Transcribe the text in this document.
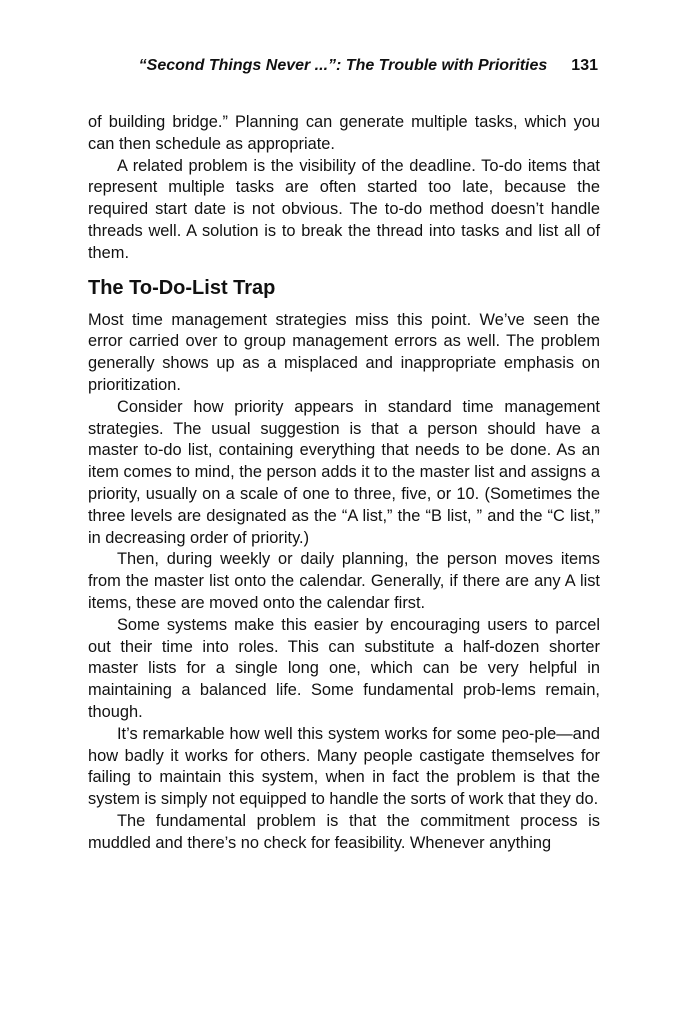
“Second Things Never ...”: The Trouble with Priorities 131

of building bridge.” Planning can generate multiple tasks, which you can then schedule as appropriate.

A related problem is the visibility of the deadline. To-do items that represent multiple tasks are often started too late, because the required start date is not obvious. The to-do method doesn’t handle threads well. A solution is to break the thread into tasks and list all of them.

The To-Do-List Trap

Most time management strategies miss this point. We’ve seen the error carried over to group management errors as well. The problem generally shows up as a misplaced and inappropriate emphasis on prioritization.

Consider how priority appears in standard time management strategies. The usual suggestion is that a person should have a master to-do list, containing everything that needs to be done. As an item comes to mind, the person adds it to the master list and assigns a priority, usually on a scale of one to three, five, or 10. (Sometimes the three levels are designated as the “A list,” the “B list, ” and the “C list,” in decreasing order of priority.)

Then, during weekly or daily planning, the person moves items from the master list onto the calendar. Generally, if there are any A list items, these are moved onto the calendar first.

Some systems make this easier by encouraging users to parcel out their time into roles. This can substitute a half-dozen shorter master lists for a single long one, which can be very helpful in maintaining a balanced life. Some fundamental prob-lems remain, though.

It’s remarkable how well this system works for some peo-ple—and how badly it works for others. Many people castigate themselves for failing to maintain this system, when in fact the problem is that the system is simply not equipped to handle the sorts of work that they do.

The fundamental problem is that the commitment process is muddled and there’s no check for feasibility. Whenever anything
